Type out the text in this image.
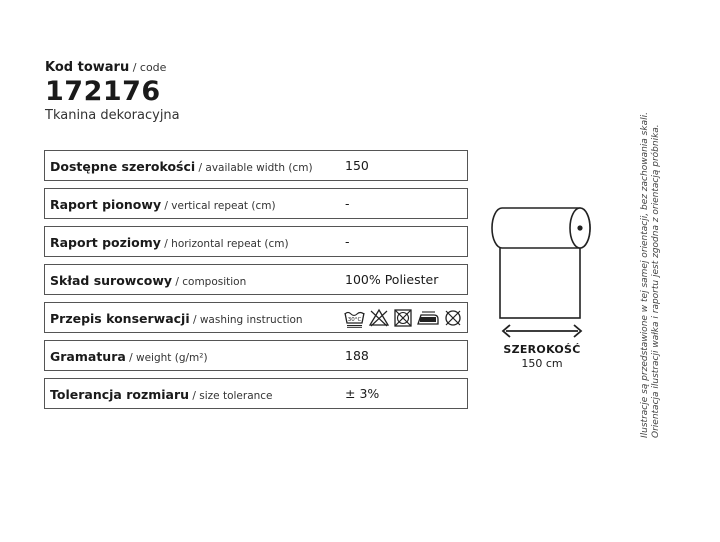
Kod towaru / code
172176
Tkanina dekoracyjna
Dostępne szerokości / available width (cm)	150
Raport pionowy / vertical repeat (cm)	-
Raport poziomy / horizontal repeat (cm)	-
Skład surowcowy / composition	100% Poliester
Przepis konserwacji / washing instruction	30°C
Gramatura / weight (g/m²)	188
Tolerancja rozmiaru / size tolerance	± 3%
SZEROKOŚĆ
150 cm	Ilustracje są przedstawione w tej samej orientacji, bez zachowania skali. Orientacja ilustracji wałka i raportu jest zgodna z orientacją próbnika.
